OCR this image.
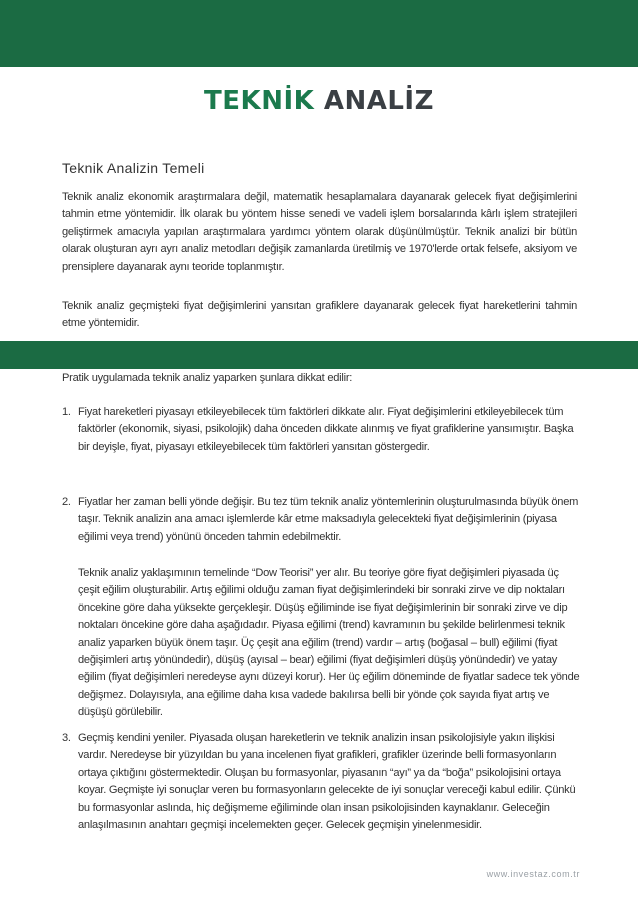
TEKNİK ANALİZ
Teknik Analizin Temeli
Teknik analiz ekonomik araştırmalara değil, matematik hesaplamalara dayanarak gelecek fiyat değişimlerini tahmin etme yöntemidir. İlk olarak bu yöntem hisse senedi ve vadeli işlem borsalarında kârlı işlem stratejileri geliştirmek amacıyla yapılan araştırmalara yardımcı yöntem olarak düşünülmüştür. Teknik analizi bir bütün olarak oluşturan ayrı ayrı analiz metodları değişik zamanlarda üretilmiş ve 1970'lerde ortak felsefe, aksiyom ve prensiplere dayanarak aynı teoride toplanmıştır.
Teknik analiz geçmişteki fiyat değişimlerini yansıtan grafiklere dayanarak gelecek fiyat hareketlerini tahmin etme yöntemidir.
Pratik uygulamada teknik analiz yaparken şunlara dikkat edilir:
1. Fiyat hareketleri piyasayı etkileyebilecek tüm faktörleri dikkate alır. Fiyat değişimlerini etkileyebilecek tüm faktörler (ekonomik, siyasi, psikolojik) daha önceden dikkate alınmış ve fiyat grafiklerine yansımıştır. Başka bir deyişle, fiyat, piyasayı etkileyebilecek tüm faktörleri yansıtan göstergedir.
2. Fiyatlar her zaman belli yönde değişir. Bu tez tüm teknik analiz yöntemlerinin oluşturulmasında büyük önem taşır. Teknik analizin ana amacı işlemlerde kâr etme maksadıyla gelecekteki fiyat değişimlerinin (piyasa eğilimi veya trend) yönünü önceden tahmin edebilmektir.
Teknik analiz yaklaşımının temelinde “Dow Teorisi” yer alır. Bu teoriye göre fiyat değişimleri piyasada üç çeşit eğilim oluşturabilir. Artış eğilimi olduğu zaman fiyat değişimlerindeki bir sonraki zirve ve dip noktaları öncekine göre daha yüksekte gerçekleşir. Düşüş eğiliminde ise fiyat değişimlerinin bir sonraki zirve ve dip noktaları öncekine göre daha aşağıdadır. Piyasa eğilimi (trend) kavramının bu şekilde belirlenmesi teknik analiz yaparken büyük önem taşır. Üç çeşit ana eğilim (trend) vardır – artış (boğasal – bull) eğilimi (fiyat değişimleri artış yönündedir), düşüş (ayısal – bear) eğilimi (fiyat değişimleri düşüş yönündedir) ve yatay eğilim (fiyat değişimleri neredeyse aynı düzeyi korur). Her üç eğilim döneminde de fiyatlar sadece tek yönde değişmez. Dolayısıyla, ana eğilime daha kısa vadede bakılırsa belli bir yönde çok sayıda fiyat artış ve düşüşü görülebilir.
3. Geçmiş kendini yeniler. Piyasada oluşan hareketlerin ve teknik analizin insan psikolojisiyle yakın ilişkisi vardır. Neredeyse bir yüzyıldan bu yana incelenen fiyat grafikleri, grafikler üzerinde belli formasyonların ortaya çıktığını göstermektedir. Oluşan bu formasyonlar, piyasanın “ayı” ya da “boğa” psikolojisini ortaya koyar. Geçmişte iyi sonuçlar veren bu formasyonların gelecekte de iyi sonuçlar vereceği kabul edilir. Çünkü bu formasyonlar aslında, hiç değişmeme eğiliminde olan insan psikolojisinden kaynaklanır. Geleceğin anlaşılmasının anahtarı geçmişi incelemekten geçer. Gelecek geçmişin yinelenmesidir.
www.investaz.com.tr
